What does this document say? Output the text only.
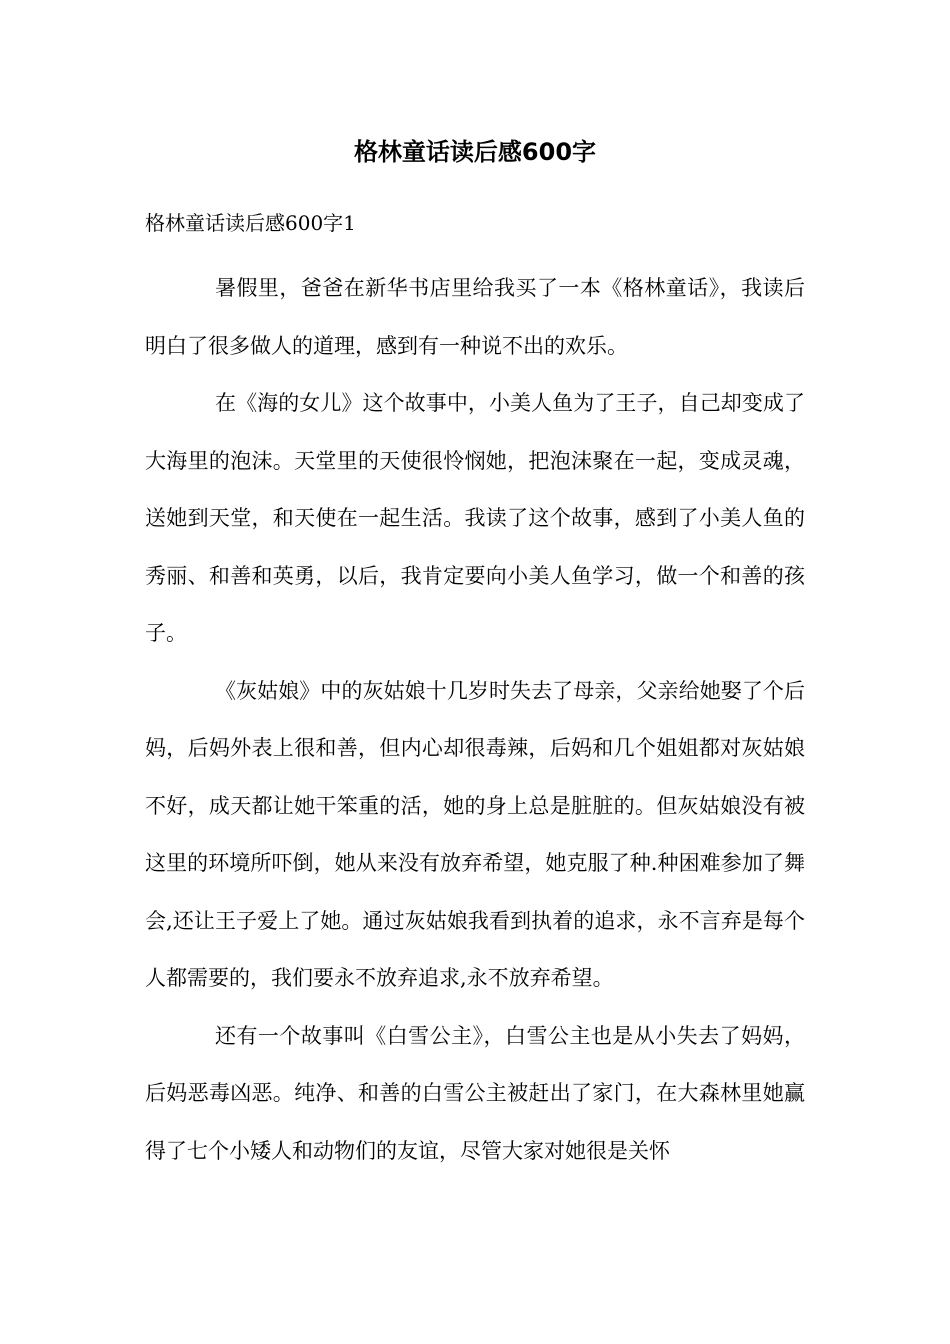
格林童话读后感600字
格林童话读后感600字1

暑假里，爸爸在新华书店里给我买了一本《格林童话》，我读后明白了很多做人的道理，感到有一种说不出的欢乐。

在《海的女儿》这个故事中，小美人鱼为了王子，自己却变成了大海里的泡沫。天堂里的天使很怜悯她，把泡沫聚在一起，变成灵魂，送她到天堂，和天使在一起生活。我读了这个故事，感到了小美人鱼的秀丽、和善和英勇，以后，我肯定要向小美人鱼学习，做一个和善的孩子。

《灰姑娘》中的灰姑娘十几岁时失去了母亲，父亲给她娶了个后妈，后妈外表上很和善，但内心却很毒辣，后妈和几个姐姐都对灰姑娘不好，成天都让她干笨重的活，她的身上总是脏脏的。但灰姑娘没有被这里的环境所吓倒，她从来没有放弃希望，她克服了种.种困难参加了舞会,还让王子爱上了她。通过灰姑娘我看到执着的追求，永不言弃是每个人都需要的，我们要永不放弃追求,永不放弃希望。

还有一个故事叫《白雪公主》，白雪公主也是从小失去了妈妈，后妈恶毒凶恶。纯净、和善的白雪公主被赶出了家门，在大森林里她赢得了七个小矮人和动物们的友谊，尽管大家对她很是关怀
